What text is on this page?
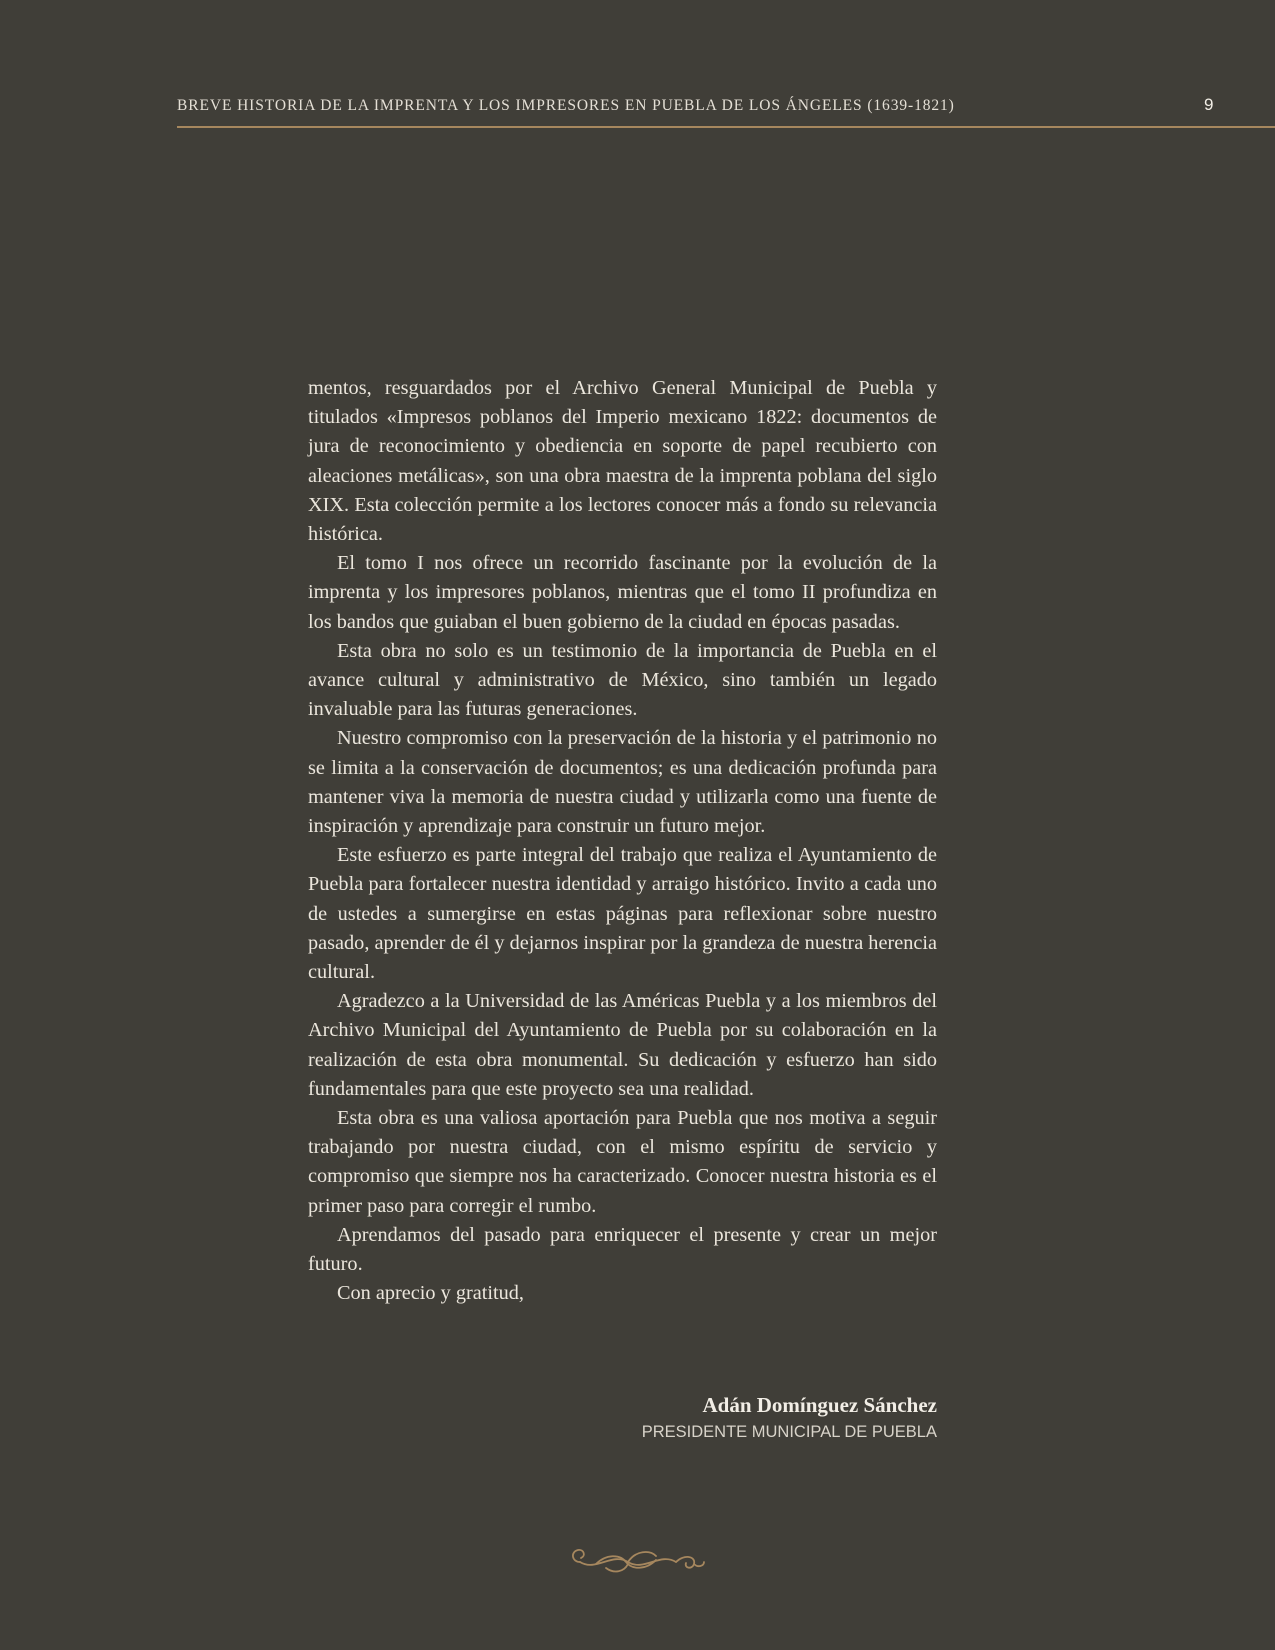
BREVE HISTORIA DE LA IMPRENTA Y LOS IMPRESORES EN PUEBLA DE LOS ÁNGELES (1639-1821)	9

mentos, resguardados por el Archivo General Municipal de Puebla y titulados «Impresos poblanos del Imperio mexicano 1822: documentos de jura de reconocimiento y obediencia en soporte de papel recubierto con aleaciones metálicas», son una obra maestra de la imprenta poblana del siglo XIX. Esta colección permite a los lectores conocer más a fondo su relevancia histórica.

El tomo I nos ofrece un recorrido fascinante por la evolución de la imprenta y los impresores poblanos, mientras que el tomo II profundiza en los bandos que guiaban el buen gobierno de la ciudad en épocas pasadas.

Esta obra no solo es un testimonio de la importancia de Puebla en el avance cultural y administrativo de México, sino también un legado invaluable para las futuras generaciones.

Nuestro compromiso con la preservación de la historia y el patrimonio no se limita a la conservación de documentos; es una dedicación profunda para mantener viva la memoria de nuestra ciudad y utilizarla como una fuente de inspiración y aprendizaje para construir un futuro mejor.

Este esfuerzo es parte integral del trabajo que realiza el Ayuntamiento de Puebla para fortalecer nuestra identidad y arraigo histórico. Invito a cada uno de ustedes a sumergirse en estas páginas para reflexionar sobre nuestro pasado, aprender de él y dejarnos inspirar por la grandeza de nuestra herencia cultural.

Agradezco a la Universidad de las Américas Puebla y a los miembros del Archivo Municipal del Ayuntamiento de Puebla por su colaboración en la realización de esta obra monumental. Su dedicación y esfuerzo han sido fundamentales para que este proyecto sea una realidad.

Esta obra es una valiosa aportación para Puebla que nos motiva a seguir trabajando por nuestra ciudad, con el mismo espíritu de servicio y compromiso que siempre nos ha caracterizado. Conocer nuestra historia es el primer paso para corregir el rumbo.

Aprendamos del pasado para enriquecer el presente y crear un mejor futuro.

Con aprecio y gratitud,

Adán Domínguez Sánchez
PRESIDENTE MUNICIPAL DE PUEBLA
